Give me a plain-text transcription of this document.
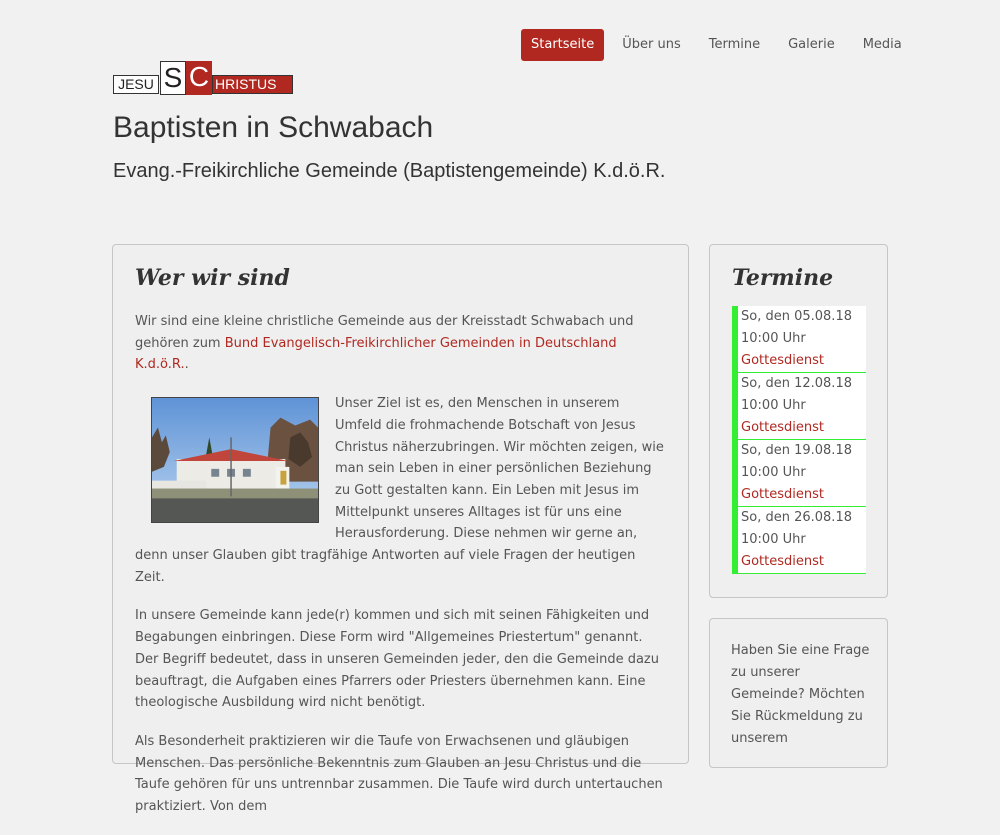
Startseite	Über uns	Termine	Galerie	Media
JESU S C HRISTUS
Baptisten in Schwabach
Evang.-Freikirchliche Gemeinde (Baptistengemeinde) K.d.ö.R.
Wer wir sind

Wir sind eine kleine christliche Gemeinde aus der Kreisstadt Schwabach und gehören zum Bund Evangelisch-Freikirchlicher Gemeinden in Deutschland K.d.ö.R..

Unser Ziel ist es, den Menschen in unserem Umfeld die frohmachende Botschaft von Jesus Christus näherzubringen. Wir möchten zeigen, wie man sein Leben in einer persönlichen Beziehung zu Gott gestalten kann. Ein Leben mit Jesus im Mittelpunkt unseres Alltages ist für uns eine Herausforderung. Diese nehmen wir gerne an, denn unser Glauben gibt tragfähige Antworten auf viele Fragen der heutigen Zeit.

In unsere Gemeinde kann jede(r) kommen und sich mit seinen Fähigkeiten und Begabungen einbringen. Diese Form wird "Allgemeines Priestertum" genannt. Der Begriff bedeutet, dass in unseren Gemeinden jeder, den die Gemeinde dazu beauftragt, die Aufgaben eines Pfarrers oder Priesters übernehmen kann. Eine theologische Ausbildung wird nicht benötigt.

Als Besonderheit praktizieren wir die Taufe von Erwachsenen und gläubigen Menschen. Das persönliche Bekenntnis zum Glauben an Jesu Christus und die Taufe gehören für uns untrennbar zusammen. Die Taufe wird durch untertauchen praktiziert. Von dem

Termine
So, den 05.08.18
10:00 Uhr
Gottesdienst
So, den 12.08.18
10:00 Uhr
Gottesdienst
So, den 19.08.18
10:00 Uhr
Gottesdienst
So, den 26.08.18
10:00 Uhr
Gottesdienst
Haben Sie eine Frage zu unserer Gemeinde? Möchten Sie Rückmeldung zu unserem
